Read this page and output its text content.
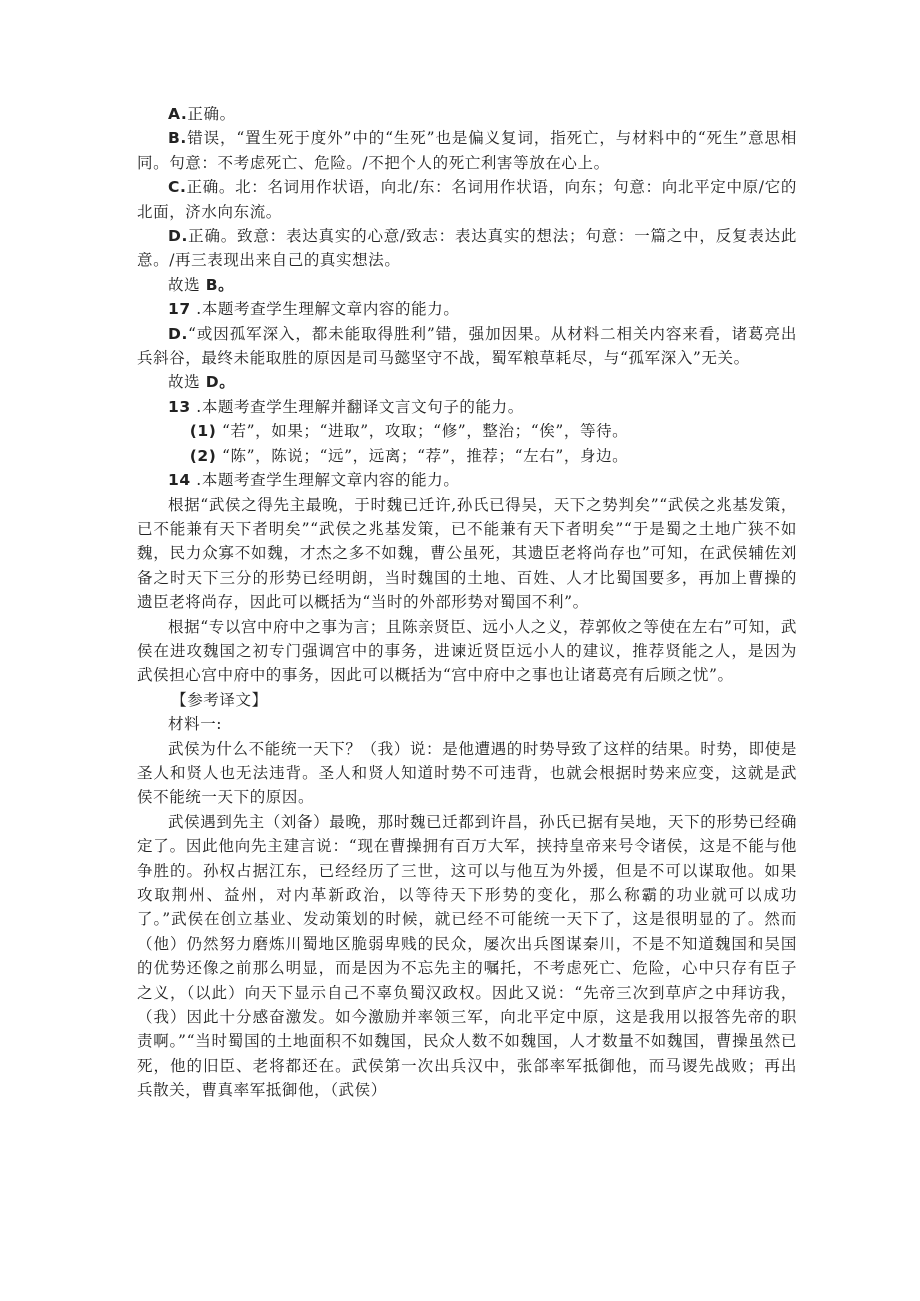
A.正确。

B.错误，“置生死于度外”中的“生死”也是偏义复词，指死亡，与材料中的“死生”意思相同。句意：不考虑死亡、危险。/不把个人的死亡利害等放在心上。

C.正确。北：名词用作状语，向北/东：名词用作状语，向东；句意：向北平定中原/它的北面，济水向东流。

D.正确。致意：表达真实的心意/致志：表达真实的想法；句意：一篇之中，反复表达此意。/再三表现出来自己的真实想法。

故选 B。

17 .本题考查学生理解文章内容的能力。

D.“或因孤军深入，都未能取得胜利”错，强加因果。从材料二相关内容来看，诸葛亮出兵斜谷，最终未能取胜的原因是司马懿坚守不战，蜀军粮草耗尽，与“孤军深入”无关。

故选 D。

13 .本题考查学生理解并翻译文言文句子的能力。

(1) “若”，如果；“进取”，攻取；“修”，整治；“俟”，等待。

(2) “陈”，陈说；“远”，远离；“荐”，推荐；“左右”，身边。

14 .本题考查学生理解文章内容的能力。

根据“武侯之得先主最晚，于时魏已迁许,孙氏已得吴，天下之势判矣”“武侯之兆基发策，已不能兼有天下者明矣”“武侯之兆基发策，已不能兼有天下者明矣”“于是蜀之土地广狭不如魏，民力众寡不如魏，才杰之多不如魏，曹公虽死，其遗臣老将尚存也”可知，在武侯辅佐刘备之时天下三分的形势已经明朗，当时魏国的土地、百姓、人才比蜀国要多，再加上曹操的遗臣老将尚存，因此可以概括为“当时的外部形势对蜀国不利”。

根据“专以宫中府中之事为言；且陈亲贤臣、远小人之义，荐郭攸之等使在左右”可知，武侯在进攻魏国之初专门强调宫中的事务，进谏近贤臣远小人的建议，推荐贤能之人，是因为武侯担心宫中府中的事务，因此可以概括为“宫中府中之事也让诸葛亮有后顾之忧”。

【参考译文】

材料一:

武侯为什么不能统一天下？（我）说：是他遭遇的时势导致了这样的结果。时势，即使是圣人和贤人也无法违背。圣人和贤人知道时势不可违背，也就会根据时势来应变，这就是武侯不能统一天下的原因。

武侯遇到先主（刘备）最晚，那时魏已迁都到许昌，孙氏已据有吴地，天下的形势已经确定了。因此他向先主建言说：“现在曹操拥有百万大军，挟持皇帝来号令诸侯，这是不能与他争胜的。孙权占据江东，已经经历了三世，这可以与他互为外援，但是不可以谋取他。如果攻取荆州、益州，对内革新政治，以等待天下形势的变化，那么称霸的功业就可以成功了。”武侯在创立基业、发动策划的时候，就已经不可能统一天下了，这是很明显的了。然而（他）仍然努力磨炼川蜀地区脆弱卑贱的民众，屡次出兵图谋秦川，不是不知道魏国和吴国的优势还像之前那么明显，而是因为不忘先主的嘱托，不考虑死亡、危险，心中只存有臣子之义，（以此）向天下显示自己不辜负蜀汉政权。因此又说：“先帝三次到草庐之中拜访我，（我）因此十分感奋激发。如今激励并率领三军，向北平定中原，这是我用以报答先帝的职责啊。”“当时蜀国的土地面积不如魏国，民众人数不如魏国，人才数量不如魏国，曹操虽然已死，他的旧臣、老将都还在。武侯第一次出兵汉中，张郃率军抵御他，而马谡先战败；再出兵散关，曹真率军抵御他，（武侯）
